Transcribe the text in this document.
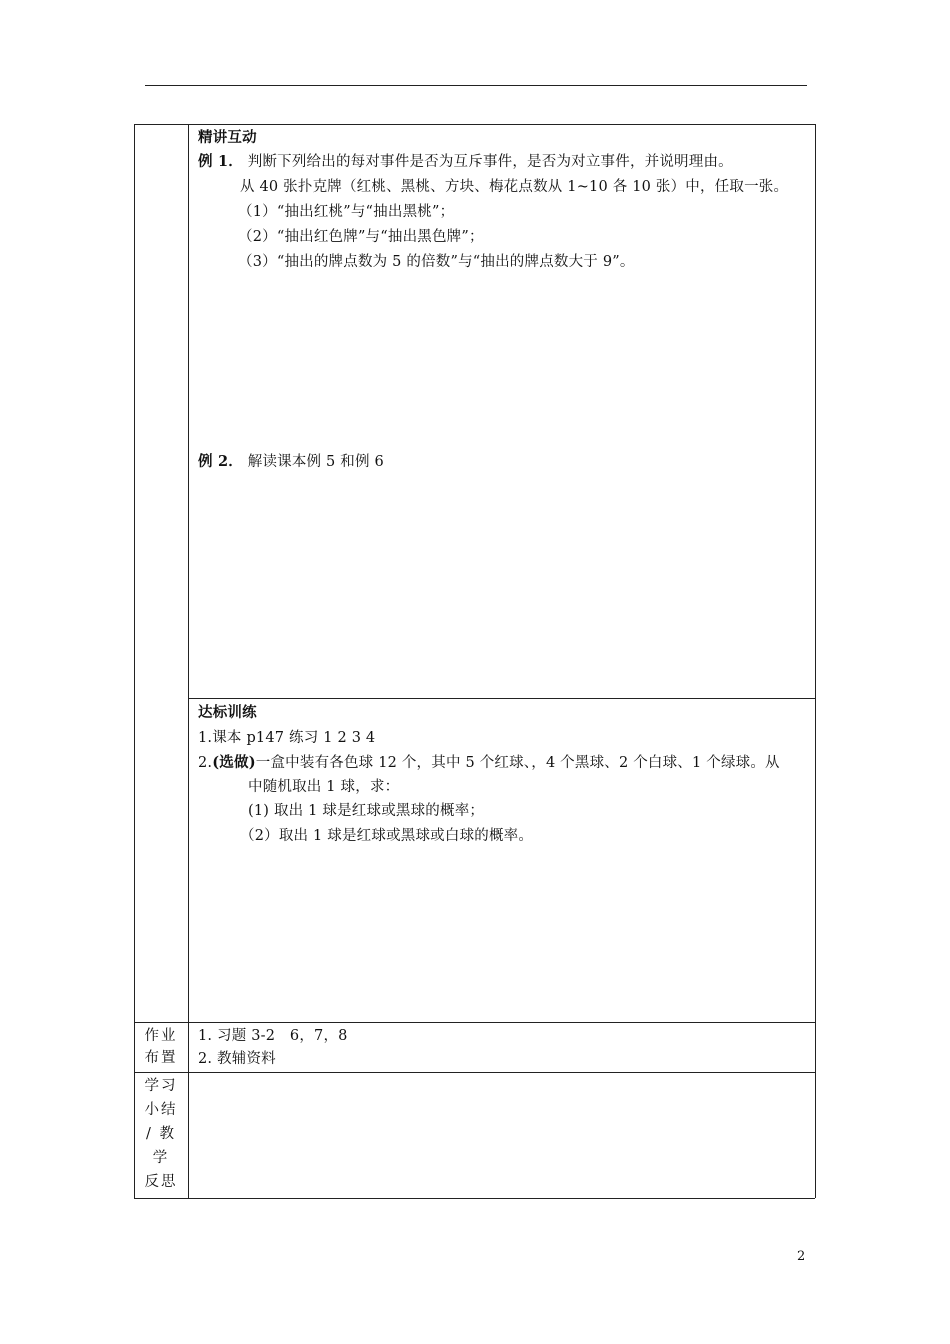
精讲互动
例 1． 判断下列给出的每对事件是否为互斥事件，是否为对立事件，并说明理由。
从 40 张扑克牌（红桃、黑桃、方块、梅花点数从 1~10 各 10 张）中，任取一张。
（1）“抽出红桃”与“抽出黑桃”；
（2）“抽出红色牌”与“抽出黑色牌”；
（3）“抽出的牌点数为 5 的倍数”与“抽出的牌点数大于 9”。
例 2． 解读课本例 5 和例 6
达标训练
1.课本 p147 练习 1 2 3 4
2.(选做)一盒中装有各色球 12 个，其中 5 个红球、，4 个黑球、2 个白球、1 个绿球。从
中随机取出 1 球，求：
(1) 取出 1 球是红球或黑球的概率；
（2）取出 1 球是红球或黑球或白球的概率。
作业
布置
1. 习题 3-2　6，7，8
2. 教辅资料
学习
小结
/ 教
学
反思
2
